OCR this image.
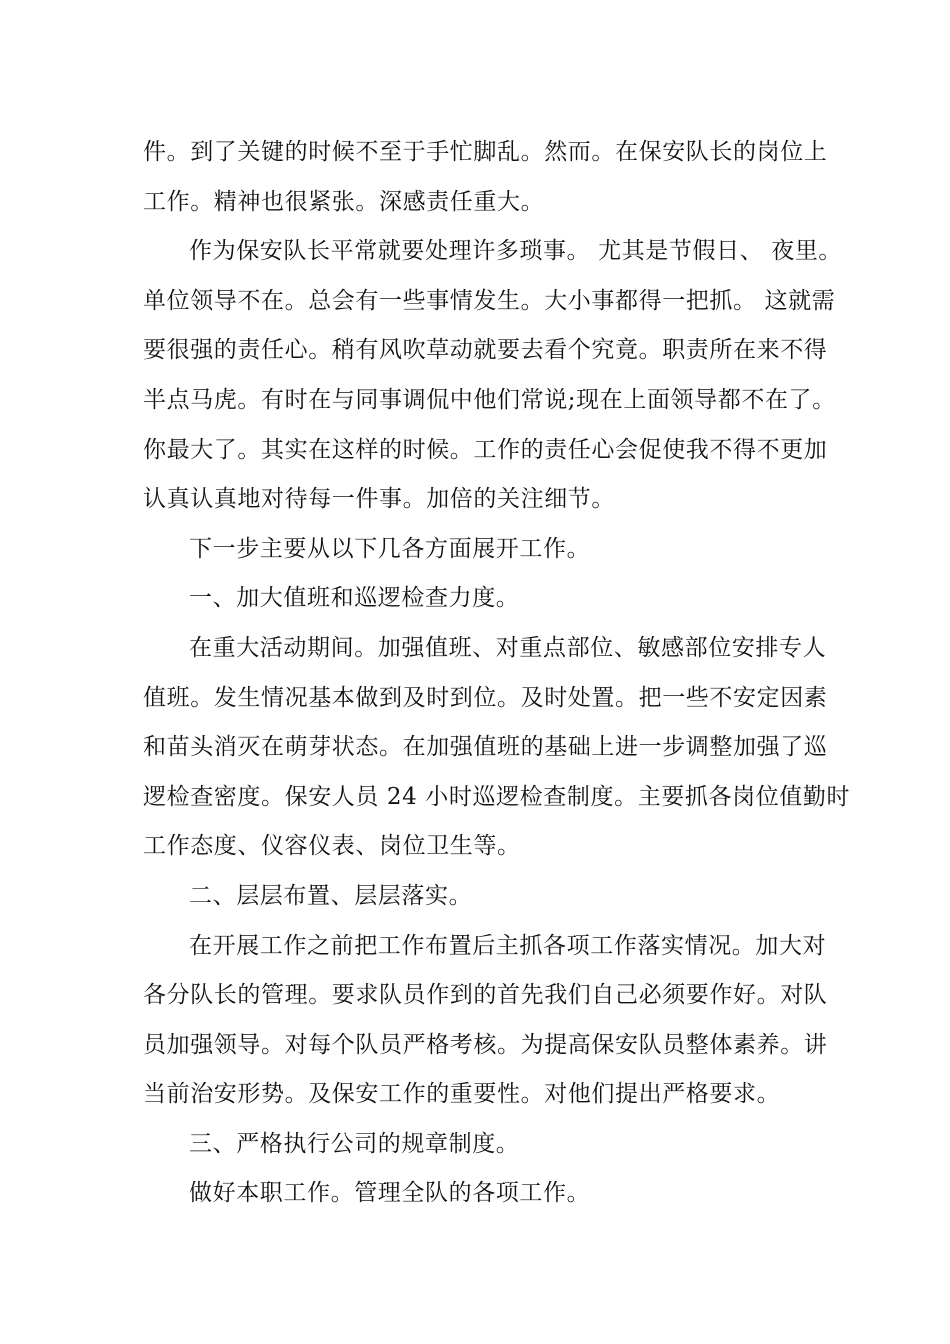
件。到了关键的时候不至于手忙脚乱。然而。在保安队长的岗位上
工作。精神也很紧张。深感责任重大。
作为保安队长平常就要处理许多琐事。 尤其是节假日、 夜里。
单位领导不在。总会有一些事情发生。大小事都得一把抓。 这就需
要很强的责任心。稍有风吹草动就要去看个究竟。职责所在来不得
半点马虎。有时在与同事调侃中他们常说;现在上面领导都不在了。
你最大了。其实在这样的时候。工作的责任心会促使我不得不更加
认真认真地对待每一件事。加倍的关注细节。
下一步主要从以下几各方面展开工作。
一、加大值班和巡逻检查力度。
在重大活动期间。加强值班、对重点部位、敏感部位安排专人
值班。发生情况基本做到及时到位。及时处置。把一些不安定因素
和苗头消灭在萌芽状态。在加强值班的基础上进一步调整加强了巡
逻检查密度。保安人员 24 小时巡逻检查制度。主要抓各岗位值勤时
工作态度、仪容仪表、岗位卫生等。
二、层层布置、层层落实。
在开展工作之前把工作布置后主抓各项工作落实情况。加大对
各分队长的管理。要求队员作到的首先我们自己必须要作好。对队
员加强领导。对每个队员严格考核。为提高保安队员整体素养。讲
当前治安形势。及保安工作的重要性。对他们提出严格要求。
三、严格执行公司的规章制度。
做好本职工作。管理全队的各项工作。
